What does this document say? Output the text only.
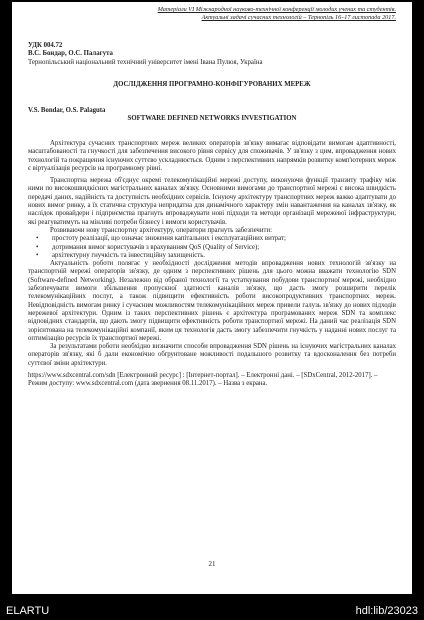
Матеріали VI Міжнародної науково-технічної конференції молодих учених та студентів.
Актуальні задачі сучасних технологій – Тернопіль 16–17 листопада 2017.
УДК 004.72
В.С. Бондар, О.С. Палагута
Тернопільський національний технічний університет імені Івана Пулюя, Україна
ДОСЛІДЖЕННЯ ПРОГРАМНО-КОНФІГУРОВАНИХ МЕРЕЖ
V.S. Bondar, O.S. Palaguta
SOFTWARE DEFINED NETWORKS INVESTIGATION

Архітектура сучасних транспортних мереж великих операторів зв'язку вимагає відповідати вимогам адаптивності, масштабованості та гнучкості для забезпечення високого рівня сервісу для споживачів. У зв'язку з цим, впровадження нових технологій та покращення існуючих суттєво ускладнюється. Одним з перспективних напрямків розвитку комп'ютерних мереж є віртуалізація ресурсів на програмному рівні.

Транспортна мережа об'єднує окремі телекомунікаційні мережі доступу, виконуючи функції транзиту трафіку між ними по високошвидкісних магістральних каналах зв'язку. Основними вимогами до транспортної мережі є висока швидкість передачі даних, надійність та доступність необхідних сервісів. Існуючу архітектуру транспортних мереж важко адаптувати до нових вимог ринку, а їх статична структура непридатна для динамічного характеру змін навантаження на каналах зв'язку, як наслідок провайдери і підприємства прагнуть впроваджувати нові підходи та методи організації мережевої інфраструктури, які реагуватимуть на мінливі потреби бізнесу і вимоги користувачів.

Розвиваючи нову транспортну архітектуру, оператори прагнуть забезпечити:

• простоту реалізації, що означає зниження капітальних і експлуатаційних витрат;
• дотримання вимог користувачів з врахуванням QoS (Quality of Service);
• архітектурну гнучкість та інвестиційну захищеність.

Актуальність роботи полягає у необхідності дослідження методів впровадження нових технологій зв'язку на транспортній мережі операторів зв'язку, де одним з перспективних рішень для цього можна вважати технологію SDN (Software-defined Networking). Незалежно від обраної технології та устаткування побудови транспортної мережі, необхідно забезпечувати вимоги збільшення пропускної здатності каналів зв'язку, що дасть змогу розширити перелік телекомунікаційних послуг, а також підвищити ефективність роботи високопродуктивних транспортних мереж. Невідповідність вимогам ринку і сучасним можливостям телекомунікаційних мереж привели галузь зв'язку до нових підходів мережевої архітектури. Одним із таких перспективних рішень є архітектура програмованих мереж SDN та комплекс відповідних стандартів, що дають змогу підвищити ефективність роботи транспортної мережі. На даний час реалізація SDN зорієнтована на телекомунікаційні компанії, яким ця технологія дасть змогу забезпечити гнучкість у наданні нових послуг та оптимізацію ресурсів їх транспортної мережі.

За результатами роботи необхідно визначити способи впровадження SDN рішень на існуючих магістральних каналах операторів зв'язку, які б дали економічно обґрунтоване можливості подальшого розвитку та вдосконалення без потреби суттєвої зміни архітектури.

https://www.sdxcentral.com/sdn [Електронний ресурс] : [Інтернет-портал]. – Електронні дані. – [SDxCentral, 2012-2017]. – Режим доступу: www.sdxcentral.com (дата звернення 08.11.2017). – Назва з екрана.
21
ELARTU	hdl:lib/23023
